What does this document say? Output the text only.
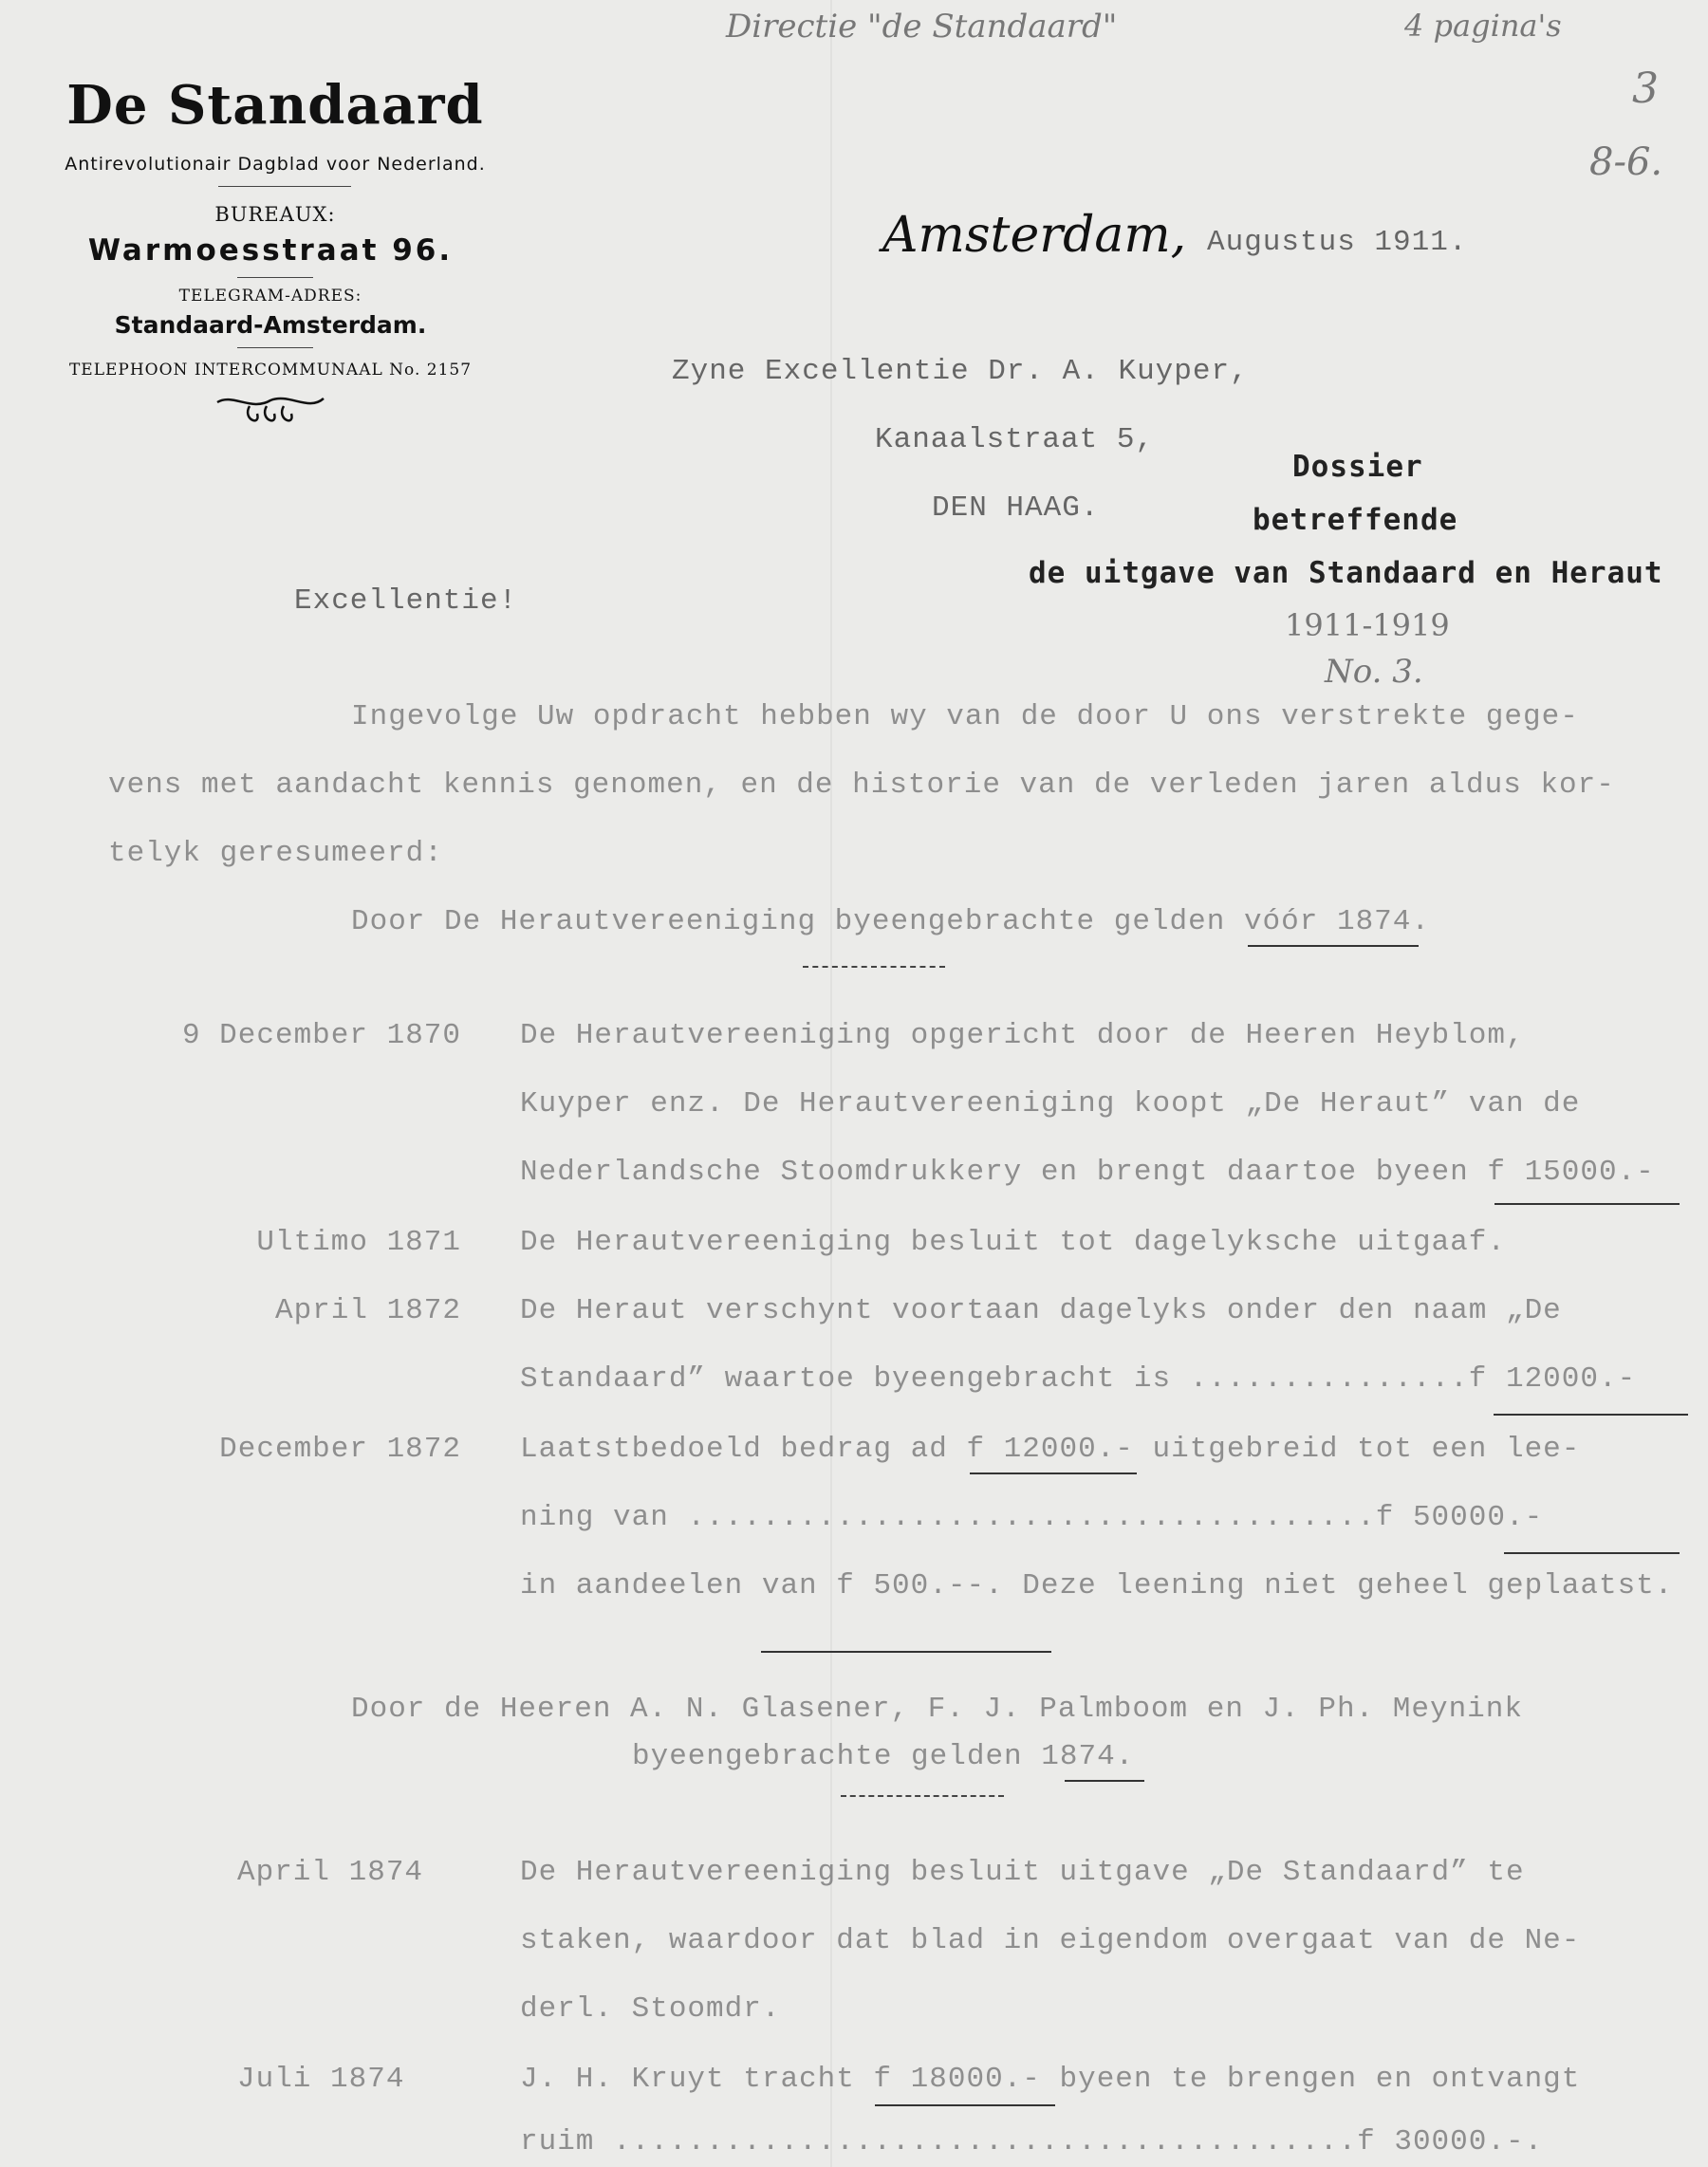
Directie "de Standaard"	4 pagina's
3
8-6.
De Standaard
Antirevolutionair Dagblad voor Nederland.
BUREAUX:
Warmoesstraat 96.
TELEGRAM-ADRES:
Standaard-Amsterdam.
TELEPHOON INTERCOMMUNAAL No. 2157
Amsterdam, Augustus 1911.
Zyne Excellentie Dr. A. Kuyper,
Kanaalstraat 5,
DEN HAAG.
Dossier
betreffende
de uitgave van Standaard en Heraut
1911-1919
No. 3.
Excellentie!
Ingevolge Uw opdracht hebben wy van de door U ons verstrekte gege-
vens met aandacht kennis genomen, en de historie van de verleden jaren aldus kor-
telyk geresumeerd:
Door De Herautvereeniging byeengebrachte gelden vóór 1874.
9 December 1870 De Herautvereeniging opgericht door de Heeren Heyblom,
Kuyper enz. De Herautvereeniging koopt „De Heraut” van de
Nederlandsche Stoomdrukkery en brengt daartoe byeen f 15000.-
Ultimo 1871 De Herautvereeniging besluit tot dagelyksche uitgaaf.
April 1872 De Heraut verschynt voortaan dagelyks onder den naam „De
Standaard” waartoe byeengebracht is ...............f 12000.-
December 1872 Laatstbedoeld bedrag ad f 12000.- uitgebreid tot een lee-
ning van .....................................f 50000.-
in aandeelen van f 500.--. Deze leening niet geheel geplaatst.
Door de Heeren A. N. Glasener, F. J. Palmboom en J. Ph. Meynink
byeengebrachte gelden 1874.
April 1874	De Herautvereeniging besluit uitgave „De Standaard” te
staken, waardoor dat blad in eigendom overgaat van de Ne-
derl. Stoomdr.
Juli 1874	J. H. Kruyt tracht f 18000.- byeen te brengen en ontvangt
ruim ........................................f 30000.-.
